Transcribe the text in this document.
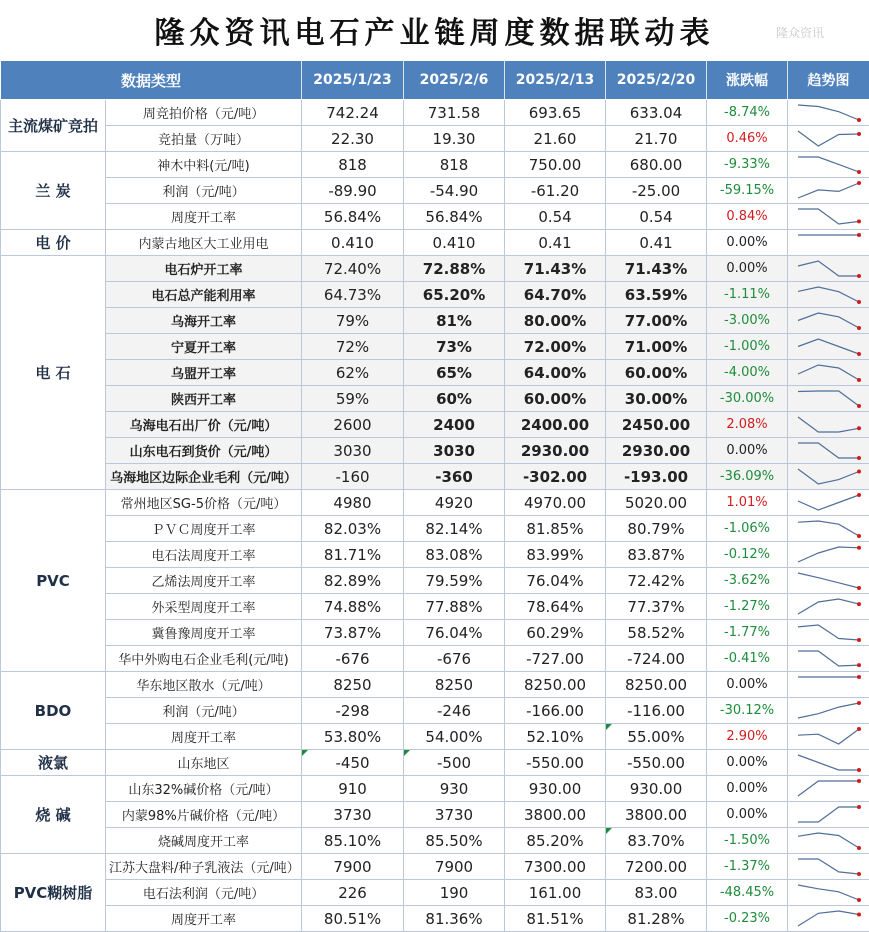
隆众资讯电石产业链周度数据联动表	隆众资讯
数据类型		2025/1/23	2025/2/6	2025/2/13	2025/2/20	涨跌幅	趋势图
主流煤矿竞拍	周竞拍价格（元/吨）	742.24	731.58	693.65	633.04	-8.74%	

	竞拍量（万吨）	22.30	19.30	21.60	21.70	0.46%	

兰 炭	神木中料(元/吨)	818	818	750.00	680.00	-9.33%	

	利润（元/吨）	-89.90	-54.90	-61.20	-25.00	-59.15%	

	周度开工率	56.84%	56.84%	0.54	0.54	0.84%	

电 价	内蒙古地区大工业用电	0.410	0.410	0.41	0.41	0.00%	

电 石	电石炉开工率	72.40%	72.88%	71.43%	71.43%	0.00%	

	电石总产能利用率	64.73%	65.20%	64.70%	63.59%	-1.11%	

	乌海开工率	79%	81%	80.00%	77.00%	-3.00%	

	宁夏开工率	72%	73%	72.00%	71.00%	-1.00%	

	乌盟开工率	62%	65%	64.00%	60.00%	-4.00%	

	陕西开工率	59%	60%	60.00%	30.00%	-30.00%	

	乌海电石出厂价（元/吨）	2600	2400	2400.00	2450.00	2.08%	

	山东电石到货价（元/吨）	3030	3030	2930.00	2930.00	0.00%	

	乌海地区边际企业毛利（元/吨）	-160	-360	-302.00	-193.00	-36.09%	

PVC	常州地区SG-5价格（元/吨）	4980	4920	4970.00	5020.00	1.01%	

	ＰＶＣ周度开工率	82.03%	82.14%	81.85%	80.79%	-1.06%	

	电石法周度开工率	81.71%	83.08%	83.99%	83.87%	-0.12%	

	乙烯法周度开工率	82.89%	79.59%	76.04%	72.42%	-3.62%	

	外采型周度开工率	74.88%	77.88%	78.64%	77.37%	-1.27%	

	冀鲁豫周度开工率	73.87%	76.04%	60.29%	58.52%	-1.77%	

	华中外购电石企业毛利(元/吨)	-676	-676	-727.00	-724.00	-0.41%	

BDO	华东地区散水（元/吨）	8250	8250	8250.00	8250.00	0.00%	

	利润（元/吨）	-298	-246	-166.00	-116.00	-30.12%	

	周度开工率	53.80%	54.00%	52.10%	55.00%	2.90%	

液氯	山东地区	-450	-500	-550.00	-550.00	0.00%	

烧 碱	山东32%碱价格（元/吨）	910	930	930.00	930.00	0.00%	

	内蒙98%片碱价格（元/吨）	3730	3730	3800.00	3800.00	0.00%	

	烧碱周度开工率	85.10%	85.50%	85.20%	83.70%	-1.50%	

PVC糊树脂	江苏大盘料/种子乳液法（元/吨）	7900	7900	7300.00	7200.00	-1.37%	

	电石法利润（元/吨）	226	190	161.00	83.00	-48.45%	

	周度开工率	80.51%	81.36%	81.51%	81.28%	-0.23%	
